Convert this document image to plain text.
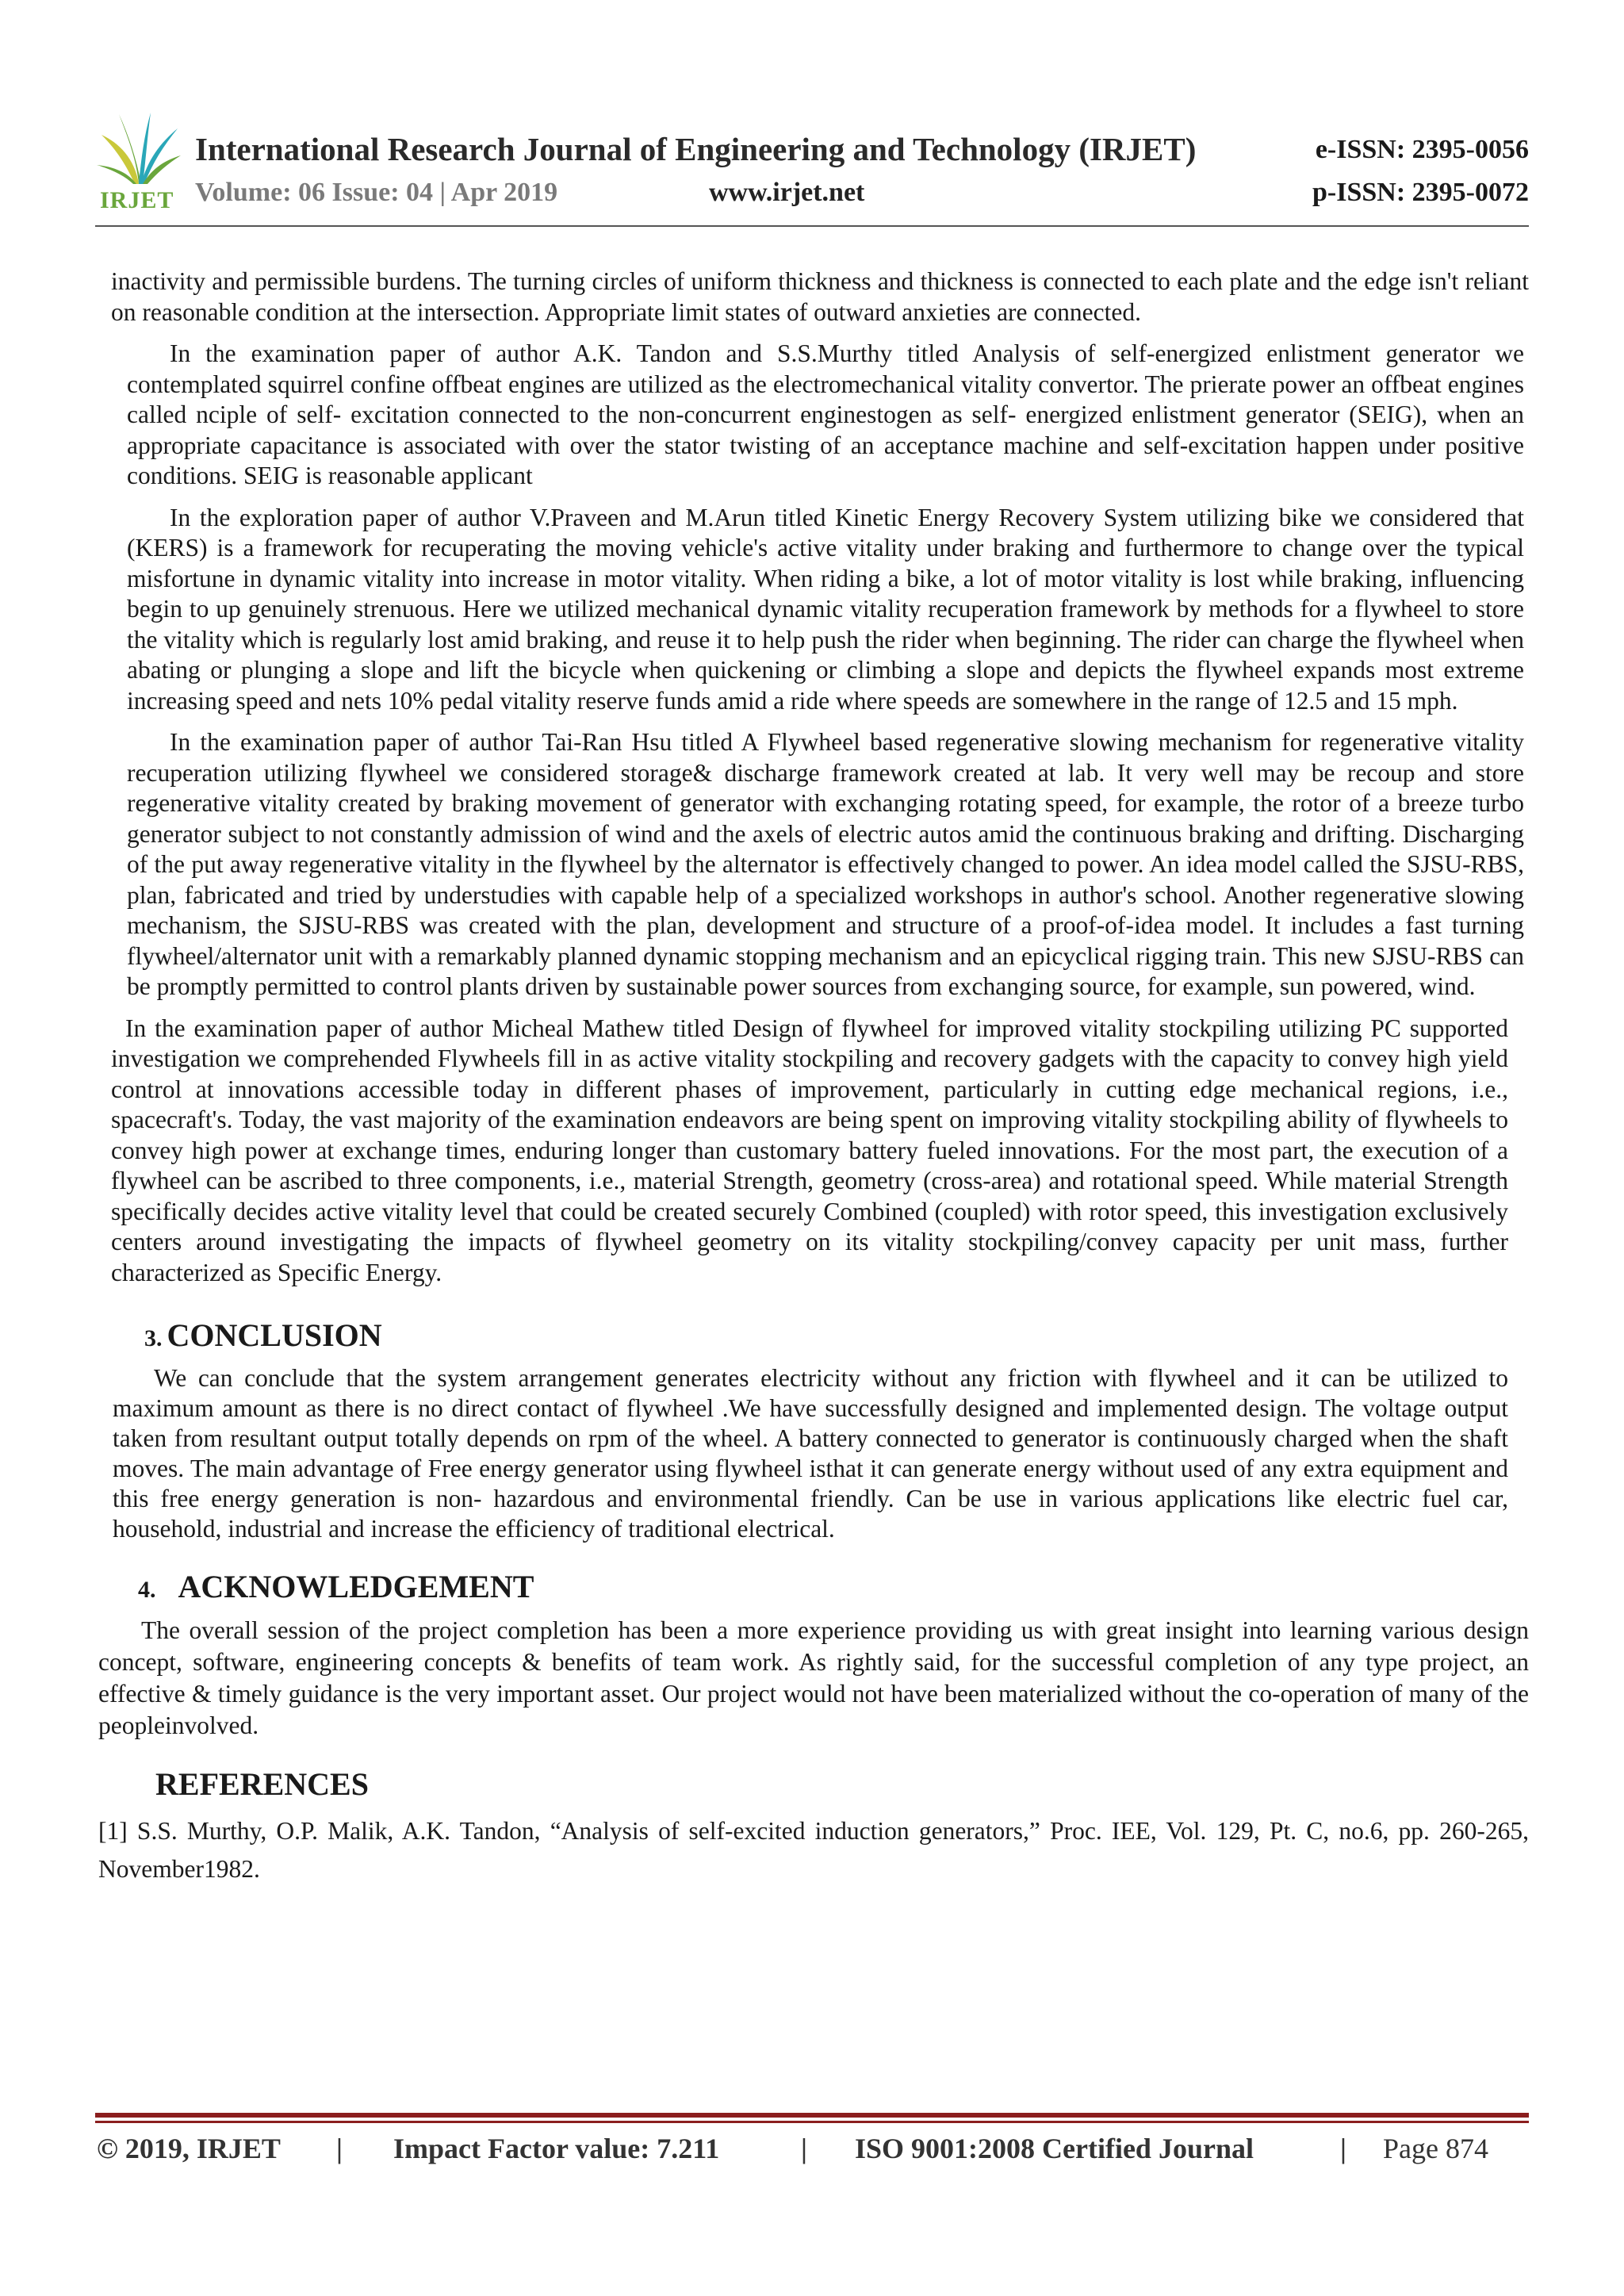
IRJET
International Research Journal of Engineering and Technology (IRJET)	e-ISSN: 2395-0056
Volume: 06 Issue: 04 | Apr 2019	www.irjet.net	p-ISSN: 2395-0072

inactivity and permissible burdens. The turning circles of uniform thickness and thickness is connected to each plate and the edge isn't reliant on reasonable condition at the intersection. Appropriate limit states of outward anxieties are connected.

In the examination paper of author A.K. Tandon and S.S.Murthy titled Analysis of self-energized enlistment generator we contemplated squirrel confine offbeat engines are utilized as the electromechanical vitality convertor. The prierate power an offbeat engines called nciple of self- excitation connected to the non-concurrent enginestogen as self- energized enlistment generator (SEIG), when an appropriate capacitance is associated with over the stator twisting of an acceptance machine and self-excitation happen under positive conditions. SEIG is reasonable applicant

In the exploration paper of author V.Praveen and M.Arun titled Kinetic Energy Recovery System utilizing bike we considered that (KERS) is a framework for recuperating the moving vehicle's active vitality under braking and furthermore to change over the typical misfortune in dynamic vitality into increase in motor vitality. When riding a bike, a lot of motor vitality is lost while braking, influencing begin to up genuinely strenuous. Here we utilized mechanical dynamic vitality recuperation framework by methods for a flywheel to store the vitality which is regularly lost amid braking, and reuse it to help push the rider when beginning. The rider can charge the flywheel when abating or plunging a slope and lift the bicycle when quickening or climbing a slope and depicts the flywheel expands most extreme increasing speed and nets 10% pedal vitality reserve funds amid a ride where speeds are somewhere in the range of 12.5 and 15 mph.

In the examination paper of author Tai-Ran Hsu titled A Flywheel based regenerative slowing mechanism for regenerative vitality recuperation utilizing flywheel we considered storage& discharge framework created at lab. It very well may be recoup and store regenerative vitality created by braking movement of generator with exchanging rotating speed, for example, the rotor of a breeze turbo generator subject to not constantly admission of wind and the axels of electric autos amid the continuous braking and drifting. Discharging of the put away regenerative vitality in the flywheel by the alternator is effectively changed to power. An idea model called the SJSU-RBS, plan, fabricated and tried by understudies with capable help of a specialized workshops in author's school. Another regenerative slowing mechanism, the SJSU-RBS was created with the plan, development and structure of a proof-of-idea model. It includes a fast turning flywheel/alternator unit with a remarkably planned dynamic stopping mechanism and an epicyclical rigging train. This new SJSU-RBS can be promptly permitted to control plants driven by sustainable power sources from exchanging source, for example, sun powered, wind.

In the examination paper of author Micheal Mathew titled Design of flywheel for improved vitality stockpiling utilizing PC supported investigation we comprehended Flywheels fill in as active vitality stockpiling and recovery gadgets with the capacity to convey high yield control at innovations accessible today in different phases of improvement, particularly in cutting edge mechanical regions, i.e., spacecraft's. Today, the vast majority of the examination endeavors are being spent on improving vitality stockpiling ability of flywheels to convey high power at exchange times, enduring longer than customary battery fueled innovations. For the most part, the execution of a flywheel can be ascribed to three components, i.e., material Strength, geometry (cross-area) and rotational speed. While material Strength specifically decides active vitality level that could be created securely Combined (coupled) with rotor speed, this investigation exclusively centers around investigating the impacts of flywheel geometry on its vitality stockpiling/convey capacity per unit mass, further characterized as Specific Energy.

3. CONCLUSION

We can conclude that the system arrangement generates electricity without any friction with flywheel and it can be utilized to maximum amount as there is no direct contact of flywheel .We have successfully designed and implemented design. The voltage output taken from resultant output totally depends on rpm of the wheel. A battery connected to generator is continuously charged when the shaft moves. The main advantage of Free energy generator using flywheel isthat it can generate energy without used of any extra equipment and this free energy generation is non- hazardous and environmental friendly. Can be use in various applications like electric fuel car, household, industrial and increase the efficiency of traditional electrical.

4. ACKNOWLEDGEMENT

The overall session of the project completion has been a more experience providing us with great insight into learning various design concept, software, engineering concepts & benefits of team work. As rightly said, for the successful completion of any type project, an effective & timely guidance is the very important asset. Our project would not have been materialized without the co-operation of many of the peopleinvolved.

REFERENCES

[1] S.S. Murthy, O.P. Malik, A.K. Tandon, “Analysis of self-excited induction generators,” Proc. IEE, Vol. 129, Pt. C, no.6, pp. 260-265, November1982.

© 2019, IRJET | Impact Factor value: 7.211	| ISO 9001:2008 Certified Journal	| Page 874
